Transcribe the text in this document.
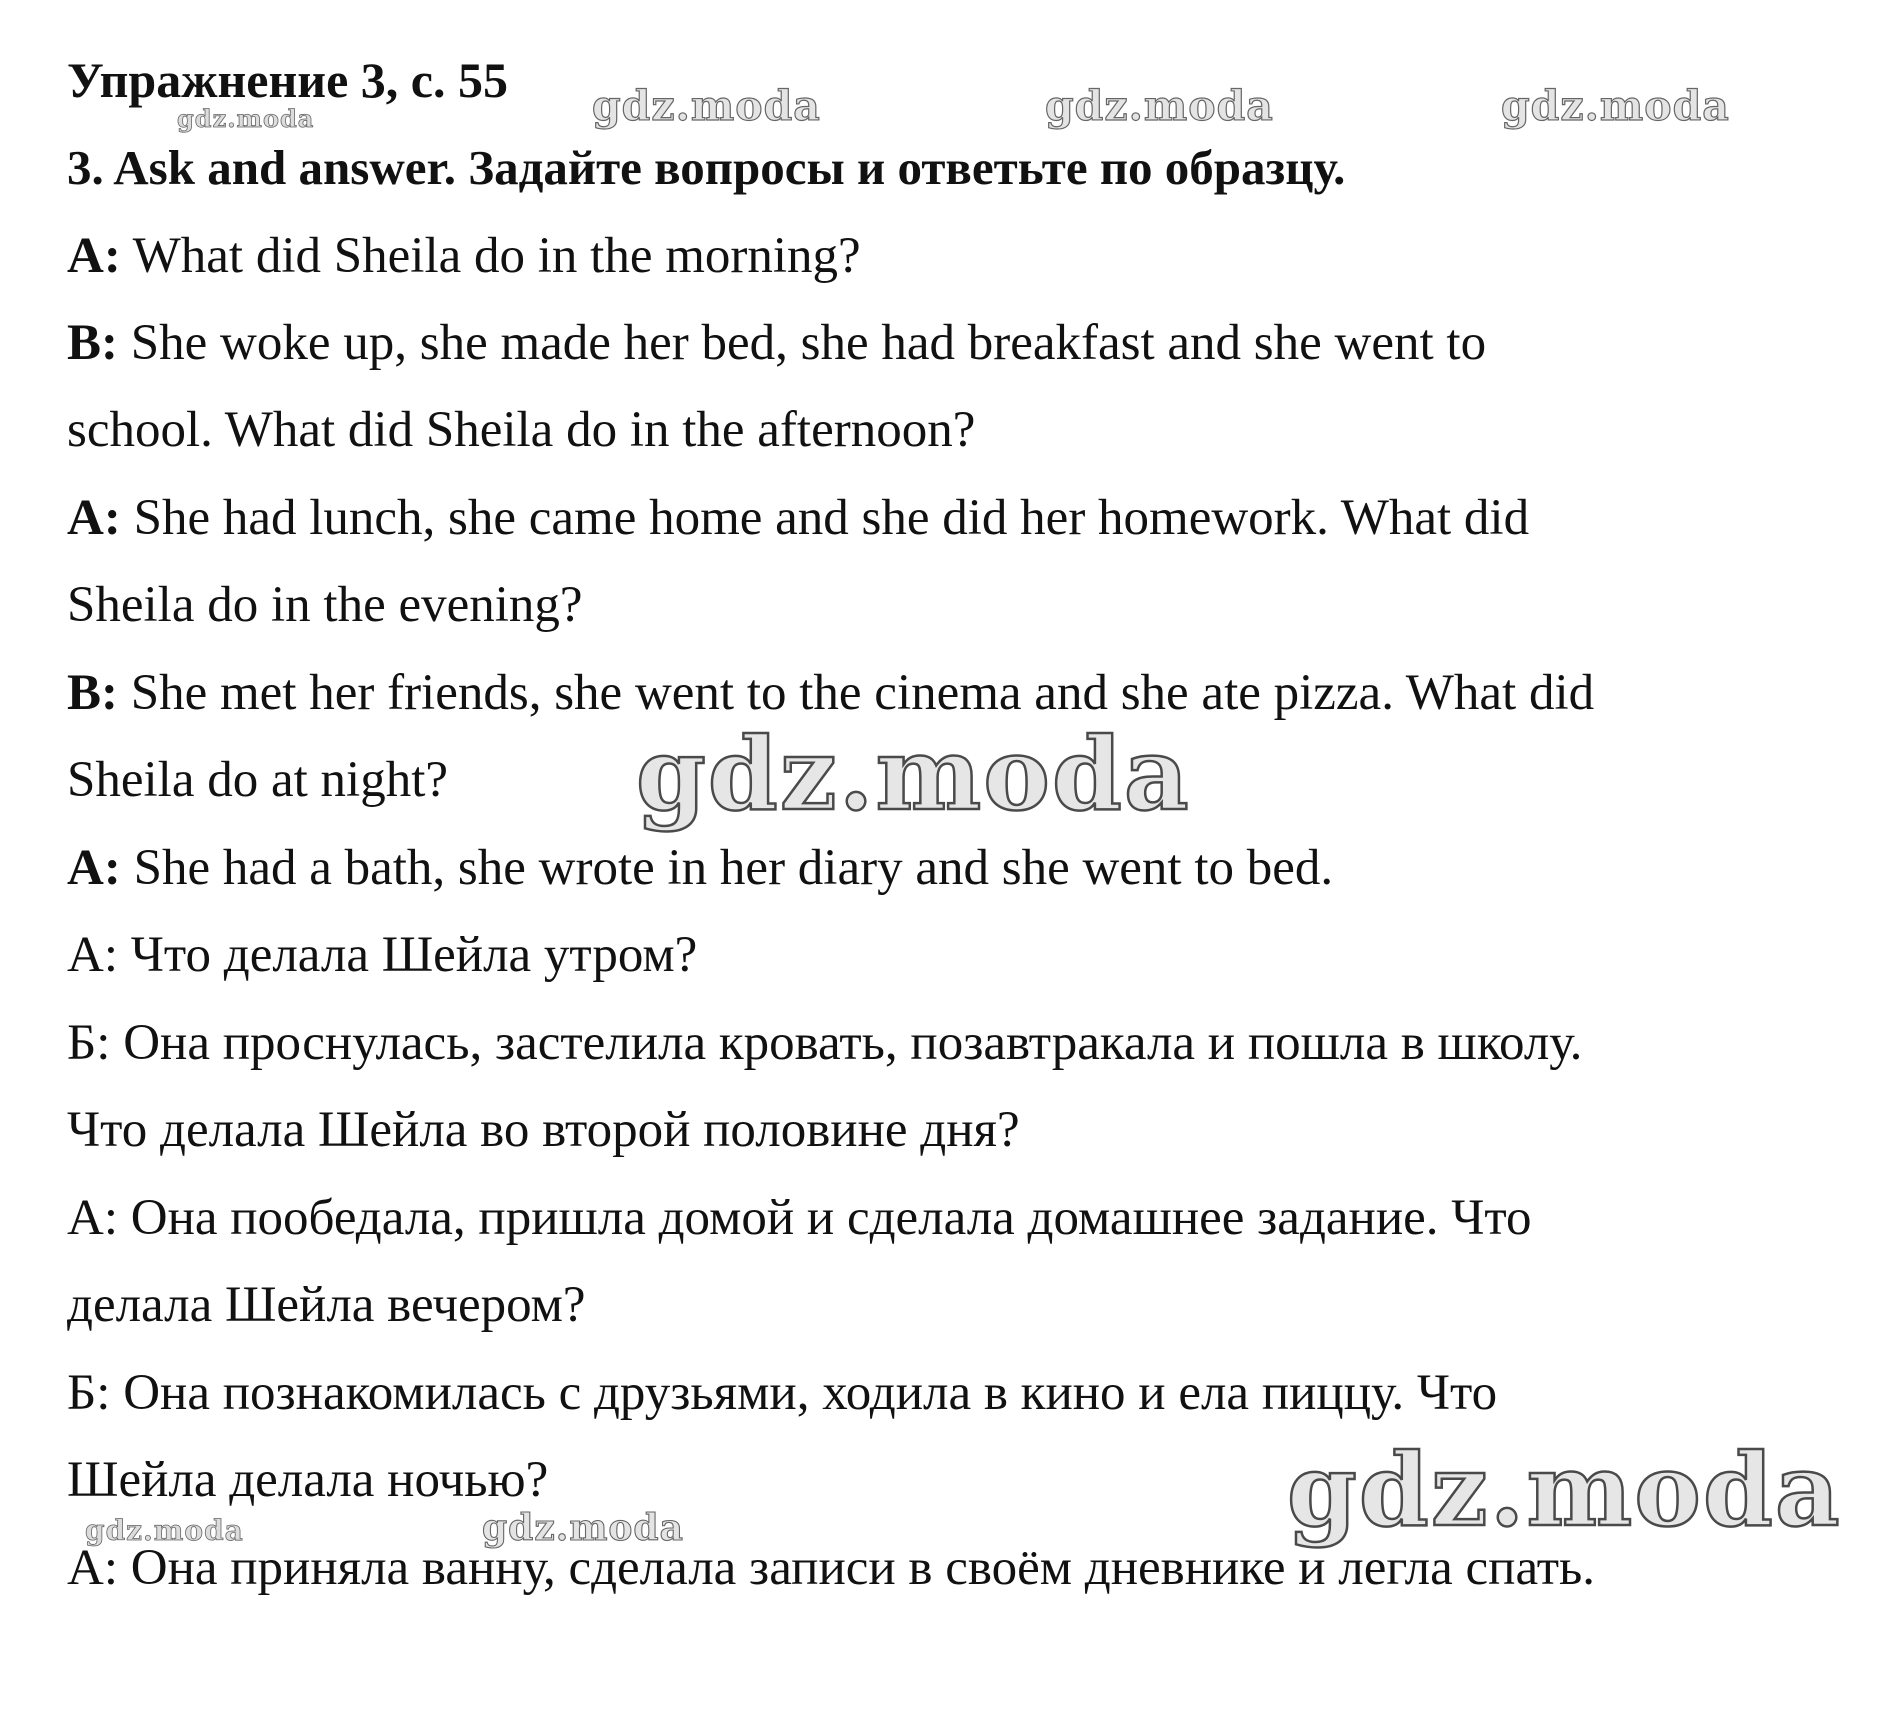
Упражнение 3, с. 55
gdz.moda	gdz.moda	gdz.moda	gdz.moda
3. Ask and answer. Задайте вопросы и ответьте по образцу.
A: What did Sheila do in the morning?
B: She woke up, she made her bed, she had breakfast and she went to
school. What did Sheila do in the afternoon?
A: She had lunch, she came home and she did her homework. What did
Sheila do in the evening?
B: She met her friends, she went to the cinema and she ate pizza. What did
Sheila do at night? gdz.moda
A: She had a bath, she wrote in her diary and she went to bed.
А: Что делала Шейла утром?
Б: Она проснулась, застелила кровать, позавтракала и пошла в школу.
Что делала Шейла во второй половине дня?
А: Она пообедала, пришла домой и сделала домашнее задание. Что
делала Шейла вечером?
Б: Она познакомилась с друзьями, ходила в кино и ела пиццу. Что
Шейла делала ночью?	gdz.moda
gdz.moda	gdz.moda
А: Она приняла ванну, сделала записи в своём дневнике и легла спать.
